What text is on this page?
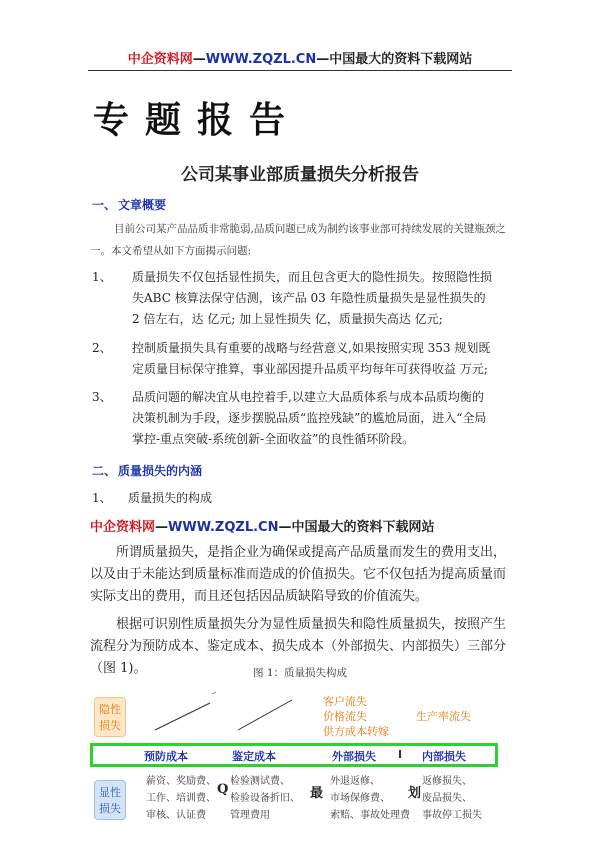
中企资料网—WWW.ZQZL.CN—中国最大的资料下载网站
专题报告
公司某事业部质量损失分析报告
一、 文章概要
目前公司某产品品质非常脆弱,品质问题已成为制约该事业部可持续发展的关键瓶颈之
一。本文希望从如下方面揭示问题:
1、 质量损失不仅包括显性损失，而且包含更大的隐性损失。按照隐性损失ABC 核算法保守估测，该产品 03 年隐性质量损失是显性损失的 2 倍左右，达 亿元; 加上显性损失 亿，质量损失高达 亿元;
2、 控制质量损失具有重要的战略与经营意义,如果按照实现 353 规划既定质量目标保守推算，事业部因提升品质平均每年可获得收益 万元;
3、 品质问题的解决宜从电控着手,以建立大品质体系与成本品质均衡的决策机制为手段，逐步摆脱品质“监控残缺”的尴尬局面，进入“全局掌控-重点突破-系统创新-全面收益”的良性循环阶段。
二、 质量损失的内涵
1、 质量损失的构成
中企资料网—WWW.ZQZL.CN—中国最大的资料下载网站
所谓质量损失，是指企业为确保或提高产品质量而发生的费用支出，以及由于未能达到质量标准而造成的价值损失。它不仅包括为提高质量而实际支出的费用，而且还包括因品质缺陷导致的价值流失。
根据可识别性质量损失分为显性质量损失和隐性质量损失，按照产生流程分为预防成本、鉴定成本、损失成本（外部损失、内部损失）三部分（图 1)。	图 1：质量损失构成
隐性损失
客户流失
价格流失
供方成本转嫁
生产率流失
预防成本	鉴定成本	外部损失 I 内部损失
显性损失
薪资、奖励费、
工作、培训费、
审核、认证费
Q
检验测试费、
检验设备折旧、
管理费用
最
外退返修、
市场保修费、
索赔、事故处理费
划
返修损失、
废品损失、
事故停工损失
